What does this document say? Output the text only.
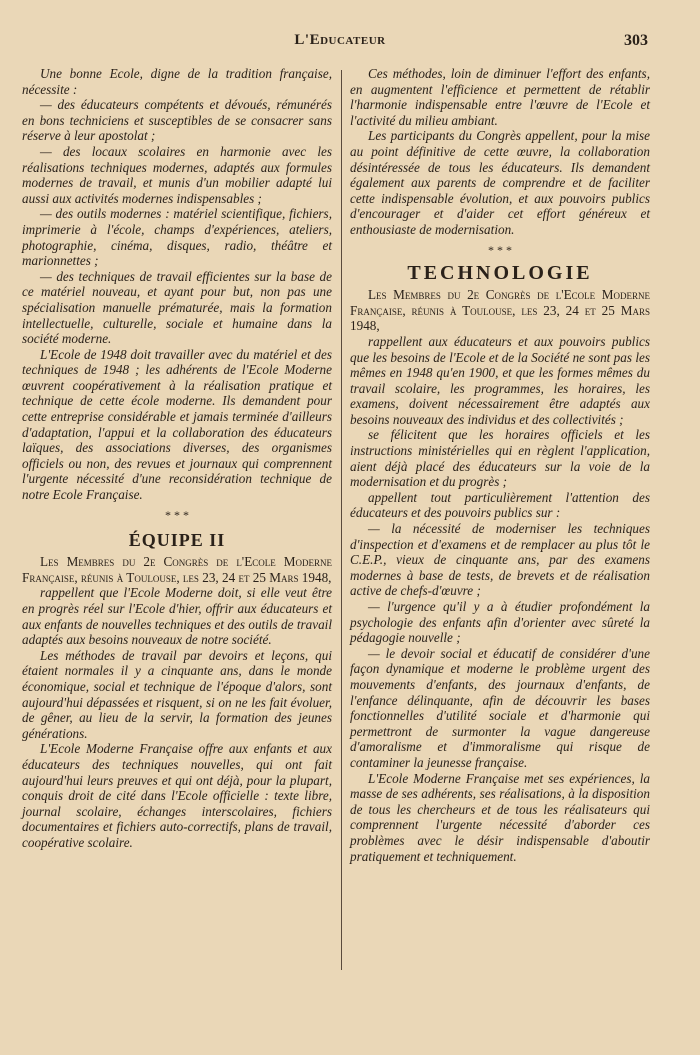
L'Educateur	303

Une bonne Ecole, digne de la tradition française, nécessite :

— des éducateurs compétents et dévoués, rémunérés en bons techniciens et susceptibles de se consacrer sans réserve à leur apostolat ;

— des locaux scolaires en harmonie avec les réalisations techniques modernes, adaptés aux formules modernes de travail, et munis d'un mobilier adapté lui aussi aux activités modernes indispensables ;

— des outils modernes : matériel scientifique, fichiers, imprimerie à l'école, champs d'expériences, ateliers, photographie, cinéma, disques, radio, théâtre et marionnettes ;

— des techniques de travail efficientes sur la base de ce matériel nouveau, et ayant pour but, non pas une spécialisation manuelle prématurée, mais la formation intellectuelle, culturelle, sociale et humaine dans la société moderne.

L'Ecole de 1948 doit travailler avec du matériel et des techniques de 1948 ; les adhérents de l'Ecole Moderne œuvrent coopérativement à la réalisation pratique et technique de cette école moderne. Ils demandent pour cette entreprise considérable et jamais terminée d'ailleurs d'adaptation, l'appui et la collaboration des éducateurs laïques, des associations diverses, des organismes officiels ou non, des revues et journaux qui comprennent l'urgente nécessité d'une reconsidération technique de notre Ecole Française.

* * *
ÉQUIPE II

Les Membres du 2e Congrès de l'Ecole Moderne Française, réunis à Toulouse, les 23, 24 et 25 Mars 1948,

rappellent que l'Ecole Moderne doit, si elle veut être en progrès réel sur l'Ecole d'hier, offrir aux éducateurs et aux enfants de nouvelles techniques et des outils de travail adaptés aux besoins nouveaux de notre société.

Les méthodes de travail par devoirs et leçons, qui étaient normales il y a cinquante ans, dans le monde économique, social et technique de l'époque d'alors, sont aujourd'hui dépassées et risquent, si on ne les fait évoluer, de gêner, au lieu de la servir, la formation des jeunes générations.

L'Ecole Moderne Française offre aux enfants et aux éducateurs des techniques nouvelles, qui ont fait aujourd'hui leurs preuves et qui ont déjà, pour la plupart, conquis droit de cité dans l'Ecole officielle : texte libre, journal scolaire, échanges interscolaires, fichiers documentaires et fichiers auto-correctifs, plans de travail, coopérative scolaire.

Ces méthodes, loin de diminuer l'effort des enfants, en augmentent l'efficience et permettent de rétablir l'harmonie indispensable entre l'œuvre de l'Ecole et l'activité du milieu ambiant.

Les participants du Congrès appellent, pour la mise au point définitive de cette œuvre, la collaboration désintéressée de tous les éducateurs. Ils demandent également aux parents de comprendre et de faciliter cette indispensable évolution, et aux pouvoirs publics d'encourager et d'aider cet effort généreux et enthousiaste de modernisation.

* * *
TECHNOLOGIE

Les Membres du 2e Congrès de l'Ecole Moderne Française, réunis à Toulouse, les 23, 24 et 25 Mars 1948,

rappellent aux éducateurs et aux pouvoirs publics que les besoins de l'Ecole et de la Société ne sont pas les mêmes en 1948 qu'en 1900, et que les formes mêmes du travail scolaire, les programmes, les horaires, les examens, doivent nécessairement être adaptés aux besoins nouveaux des individus et des collectivités ;

se félicitent que les horaires officiels et les instructions ministérielles qui en règlent l'application, aient déjà placé des éducateurs sur la voie de la modernisation et du progrès ;

appellent tout particulièrement l'attention des éducateurs et des pouvoirs publics sur :

— la nécessité de moderniser les techniques d'inspection et d'examens et de remplacer au plus tôt le C.E.P., vieux de cinquante ans, par des examens modernes à base de tests, de brevets et de réalisation active de chefs-d'œuvre ;

— l'urgence qu'il y a à étudier profondément la psychologie des enfants afin d'orienter avec sûreté la pédagogie nouvelle ;

— le devoir social et éducatif de considérer d'une façon dynamique et moderne le problème urgent des mouvements d'enfants, des journaux d'enfants, de l'enfance délinquante, afin de découvrir les bases fonctionnelles d'utilité sociale et d'harmonie qui permettront de surmonter la vague dangereuse d'amoralisme et d'immoralisme qui risque de contaminer la jeunesse française.

L'Ecole Moderne Française met ses expériences, la masse de ses adhérents, ses réalisations, à la disposition de tous les chercheurs et de tous les réalisateurs qui comprennent l'urgente nécessité d'aborder ces problèmes avec le désir indispensable d'aboutir pratiquement et techniquement.
